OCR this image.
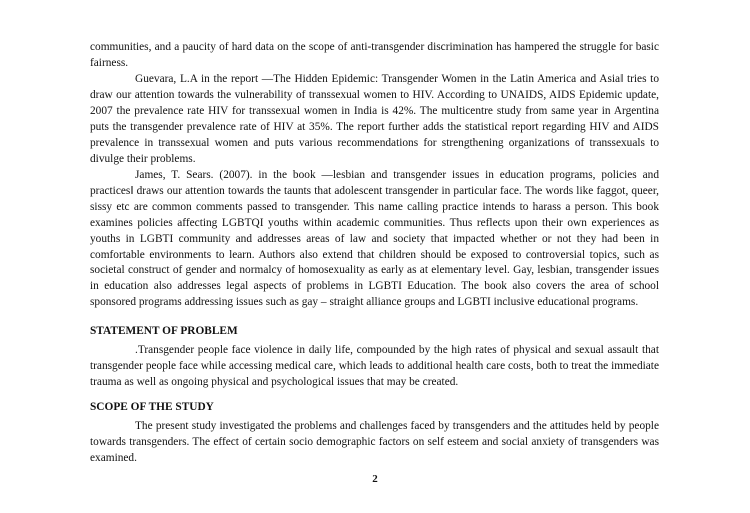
communities, and a paucity of hard data on the scope of anti-transgender discrimination has hampered the struggle for basic fairness.

Guevara, L.A in the report ―The Hidden Epidemic: Transgender Women in the Latin America and Asia‖ tries to draw our attention towards the vulnerability of transsexual women to HIV. According to UNAIDS, AIDS Epidemic update, 2007 the prevalence rate HIV for transsexual women in India is 42%. The multicentre study from same year in Argentina puts the transgender prevalence rate of HIV at 35%. The report further adds the statistical report regarding HIV and AIDS prevalence in transsexual women and puts various recommendations for strengthening organizations of transsexuals to divulge their problems.

James, T. Sears. (2007). in the book ―lesbian and transgender issues in education programs, policies and practices‖ draws our attention towards the taunts that adolescent transgender in particular face. The words like faggot, queer, sissy etc are common comments passed to transgender. This name calling practice intends to harass a person. This book examines policies affecting LGBTQI youths within academic communities. Thus reflects upon their own experiences as youths in LGBTI community and addresses areas of law and society that impacted whether or not they had been in comfortable environments to learn. Authors also extend that children should be exposed to controversial topics, such as societal construct of gender and normalcy of homosexuality as early as at elementary level. Gay, lesbian, transgender issues in education also addresses legal aspects of problems in LGBTI Education. The book also covers the area of school sponsored programs addressing issues such as gay – straight alliance groups and LGBTI inclusive educational programs.

STATEMENT OF PROBLEM

.Transgender people face violence in daily life, compounded by the high rates of physical and sexual assault that transgender people face while accessing medical care, which leads to additional health care costs, both to treat the immediate trauma as well as ongoing physical and psychological issues that may be created.

SCOPE OF THE STUDY

The present study investigated the problems and challenges faced by transgenders and the attitudes held by people towards transgenders. The effect of certain socio demographic factors on self esteem and social anxiety of transgenders was examined.

2
